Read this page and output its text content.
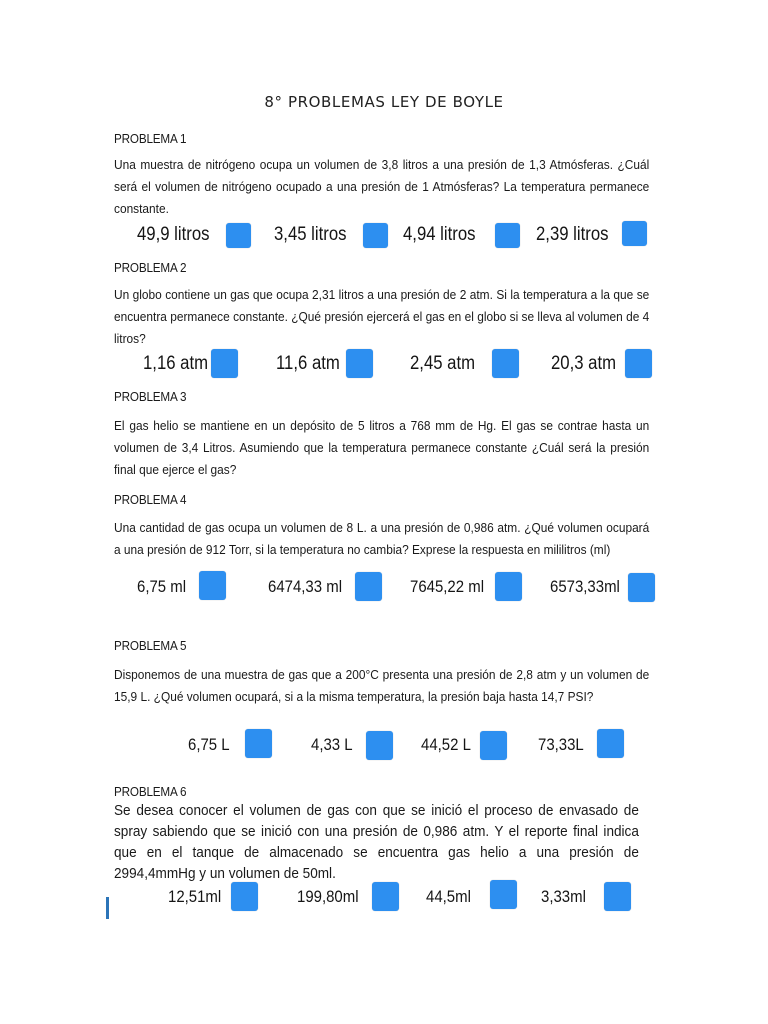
8° PROBLEMAS LEY DE BOYLE
PROBLEMA 1
Una muestra de nitrógeno ocupa un volumen de 3,8 litros a una presión de 1,3 Atmósferas. ¿Cuál será el volumen de nitrógeno ocupado a una presión de 1 Atmósferas? La temperatura permanece constante.
49,9 litros	3,45 litros	4,94 litros	2,39 litros
PROBLEMA 2
Un globo contiene un gas que ocupa 2,31 litros a una presión de 2 atm. Si la temperatura a la que se encuentra permanece constante. ¿Qué presión ejercerá el gas en el globo si se lleva al volumen de 4 litros?
1,16 atm	11,6 atm	2,45 atm	20,3 atm
PROBLEMA 3
El gas helio se mantiene en un depósito de 5 litros a 768 mm de Hg. El gas se contrae hasta un volumen de 3,4 Litros. Asumiendo que la temperatura permanece constante ¿Cuál será la presión final que ejerce el gas?
PROBLEMA 4
Una cantidad de gas ocupa un volumen de 8 L. a una presión de 0,986 atm. ¿Qué volumen ocupará a una presión de 912 Torr, si la temperatura no cambia? Exprese la respuesta en mililitros (ml)
6,75 ml	6474,33 ml	7645,22 ml	6573,33ml
PROBLEMA 5
Disponemos de una muestra de gas que a 200°C presenta una presión de 2,8 atm y un volumen de 15,9 L. ¿Qué volumen ocupará, si a la misma temperatura, la presión baja hasta 14,7 PSI?
6,75 L	4,33 L	44,52 L	73,33L
PROBLEMA 6
Se desea conocer el volumen de gas con que se inició el proceso de envasado de spray sabiendo que se inició con una presión de 0,986 atm. Y el reporte final indica que en el tanque de almacenado se encuentra gas helio a una presión de 2994,4mmHg y un volumen de 50ml.
12,51ml	199,80ml	44,5ml	3,33ml
